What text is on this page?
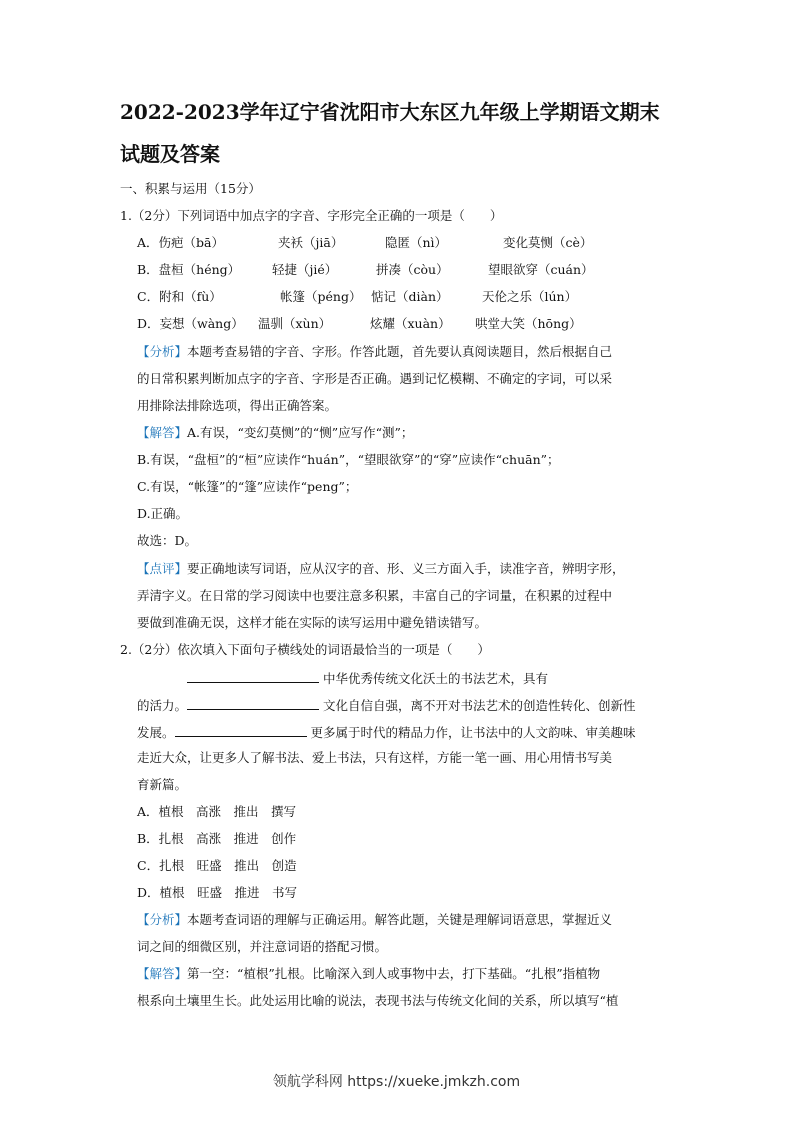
2022-2023学年辽宁省沈阳市大东区九年级上学期语文期末
试题及答案
一、积累与运用（15分）
1.（2分）下列词语中加点字的字音、字形完全正确的一项是（　　）
A．伤疤（bā）	夹袄（jiā）	隐匿（nì）	变化莫恻（cè）
B．盘桓（héng）	轻捷（jié）	拼凑（còu）	望眼欲穿（cuán）
C．附和（fù）	帐篷（péng） 惦记（diàn）	天伦之乐（lún）
D．妄想（wàng） 温驯（xùn）	炫耀（xuàn） 哄堂大笑（hōng）
【分析】本题考查易错的字音、字形。作答此题，首先要认真阅读题目，然后根据自己
的日常积累判断加点字的字音、字形是否正确。遇到记忆模糊、不确定的字词，可以采
用排除法排除选项，得出正确答案。
【解答】A.有误，“变幻莫恻”的“恻”应写作“测”；
B.有误，“盘桓”的“桓”应读作“huán”，“望眼欲穿”的“穿”应读作“chuān”；
C.有误，“帐篷”的“篷”应读作“peng”；
D.正确。
故选：D。
【点评】要正确地读写词语，应从汉字的音、形、义三方面入手，读准字音，辨明字形，
弄清字义。在日常的学习阅读中也要注意多积累，丰富自己的字词量，在积累的过程中
要做到准确无误，这样才能在实际的读写运用中避免错读错写。
2.（2分）依次填入下面句子横线处的词语最恰当的一项是（　　）
中华优秀传统文化沃土的书法艺术，具有
的活力。	文化自信自强，离不开对书法艺术的创造性转化、创新性
发展。	更多属于时代的精品力作，让书法中的人文韵味、审美趣味
走近大众，让更多人了解书法、爱上书法，只有这样，方能一笔一画、用心用情书写美
育新篇。
A．植根　高涨　推出　撰写
B．扎根　高涨　推进　创作
C．扎根　旺盛　推出　创造
D．植根　旺盛　推进　书写
【分析】本题考查词语的理解与正确运用。解答此题，关键是理解词语意思，掌握近义
词之间的细微区别，并注意词语的搭配习惯。
【解答】第一空：“植根”扎根。比喻深入到人或事物中去，打下基础。“扎根”指植物
根系向土壤里生长。此处运用比喻的说法，表现书法与传统文化间的关系，所以填写“植
领航学科网 https://xueke.jmkzh.com
